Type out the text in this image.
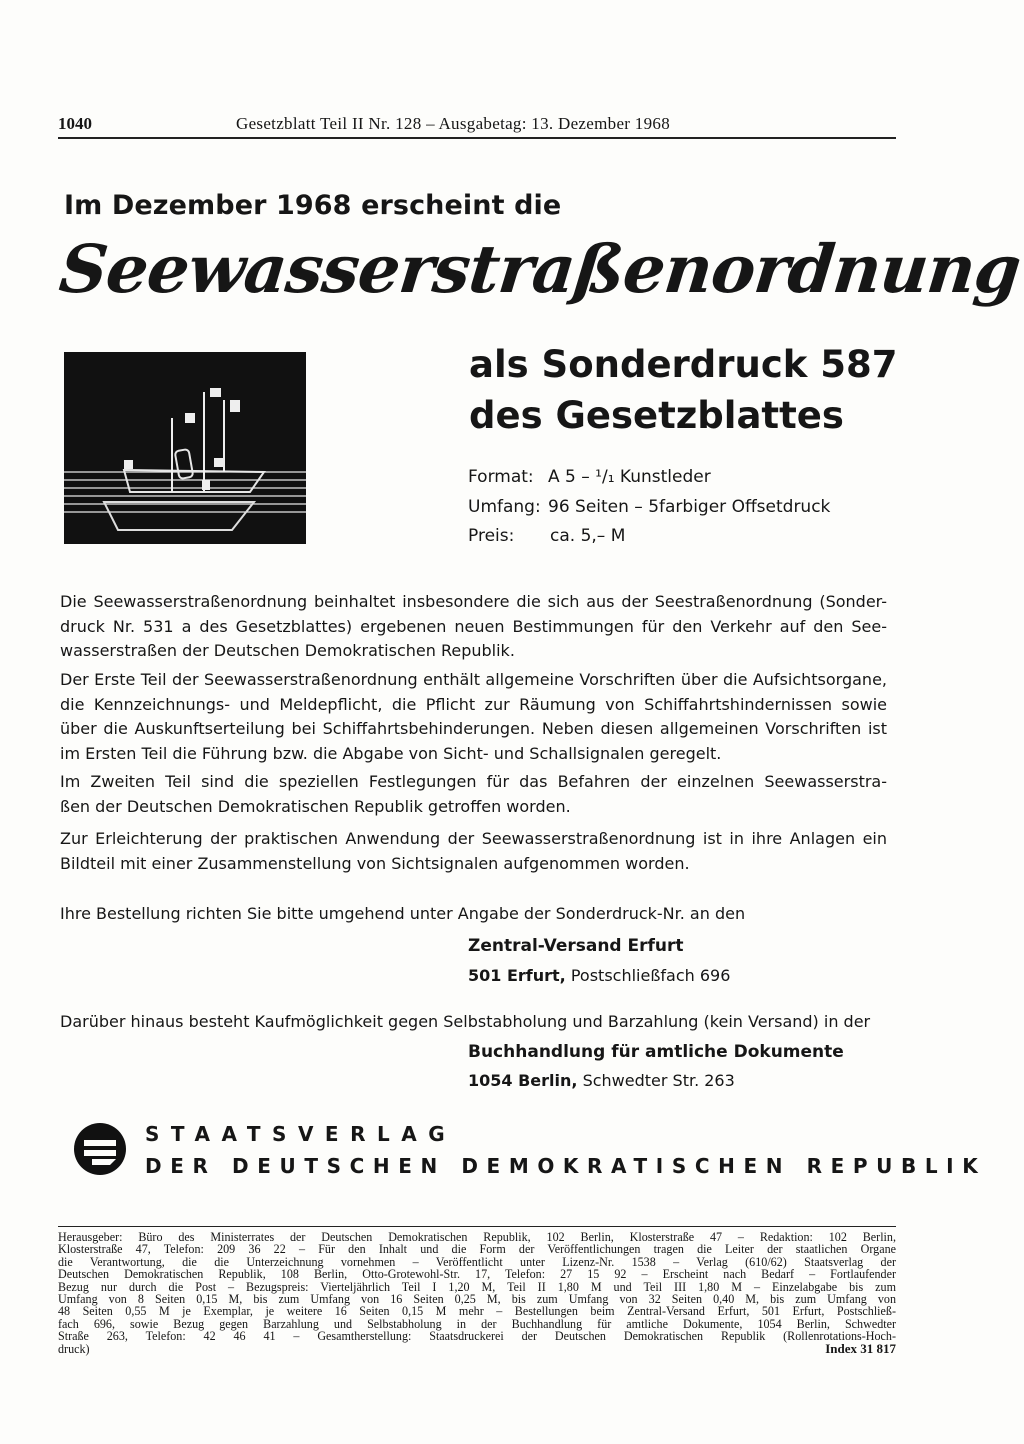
1040	Gesetzblatt Teil II Nr. 128 – Ausgabetag: 13. Dezember 1968
Im Dezember 1968 erscheint die
Seewasserstraßenordnung
als Sonderdruck 587
des Gesetzblattes
Format: A 5 – ¹/₁ Kunstleder
Umfang: 96 Seiten – 5farbiger Offsetdruck
Preis: ca. 5,– M
Die Seewasserstraßenordnung beinhaltet insbesondere die sich aus der Seestraßenordnung (Sonder-
druck Nr. 531 a des Gesetzblattes) ergebenen neuen Bestimmungen für den Verkehr auf den See-
wasserstraßen der Deutschen Demokratischen Republik.
Der Erste Teil der Seewasserstraßenordnung enthält allgemeine Vorschriften über die Aufsichtsorgane,
die Kennzeichnungs- und Meldepflicht, die Pflicht zur Räumung von Schiffahrtshindernissen sowie
über die Auskunftserteilung bei Schiffahrtsbehinderungen. Neben diesen allgemeinen Vorschriften ist
im Ersten Teil die Führung bzw. die Abgabe von Sicht- und Schallsignalen geregelt.
Im Zweiten Teil sind die speziellen Festlegungen für das Befahren der einzelnen Seewasserstra-
ßen der Deutschen Demokratischen Republik getroffen worden.
Zur Erleichterung der praktischen Anwendung der Seewasserstraßenordnung ist in ihre Anlagen ein
Bildteil mit einer Zusammenstellung von Sichtsignalen aufgenommen worden.
Ihre Bestellung richten Sie bitte umgehend unter Angabe der Sonderdruck-Nr. an den
Zentral-Versand Erfurt
501 Erfurt, Postschließfach 696
Darüber hinaus besteht Kaufmöglichkeit gegen Selbstabholung und Barzahlung (kein Versand) in der
Buchhandlung für amtliche Dokumente
1054 Berlin, Schwedter Str. 263
STAATSVERLAG
DER DEUTSCHEN DEMOKRATISCHEN REPUBLIK
Herausgeber: Büro des Ministerrates der Deutschen Demokratischen Republik, 102 Berlin, Klosterstraße 47 – Redaktion: 102 Berlin,
Klosterstraße 47, Telefon: 209 36 22 – Für den Inhalt und die Form der Veröffentlichungen tragen die Leiter der staatlichen Organe
die Verantwortung, die die Unterzeichnung vornehmen – Veröffentlicht unter Lizenz-Nr. 1538 – Verlag (610/62) Staatsverlag der
Deutschen Demokratischen Republik, 108 Berlin, Otto-Grotewohl-Str. 17, Telefon: 27 15 92 – Erscheint nach Bedarf – Fortlaufender
Bezug nur durch die Post – Bezugspreis: Vierteljährlich Teil I 1,20 M, Teil II 1,80 M und Teil III 1,80 M – Einzelabgabe bis zum
Umfang von 8 Seiten 0,15 M, bis zum Umfang von 16 Seiten 0,25 M, bis zum Umfang von 32 Seiten 0,40 M, bis zum Umfang von
48 Seiten 0,55 M je Exemplar, je weitere 16 Seiten 0,15 M mehr – Bestellungen beim Zentral-Versand Erfurt, 501 Erfurt, Postschließ-
fach 696, sowie Bezug gegen Barzahlung und Selbstabholung in der Buchhandlung für amtliche Dokumente, 1054 Berlin, Schwedter
Straße 263, Telefon: 42 46 41 – Gesamtherstellung: Staatsdruckerei der Deutschen Demokratischen Republik (Rollenrotations-Hoch-
druck)	Index 31 817
